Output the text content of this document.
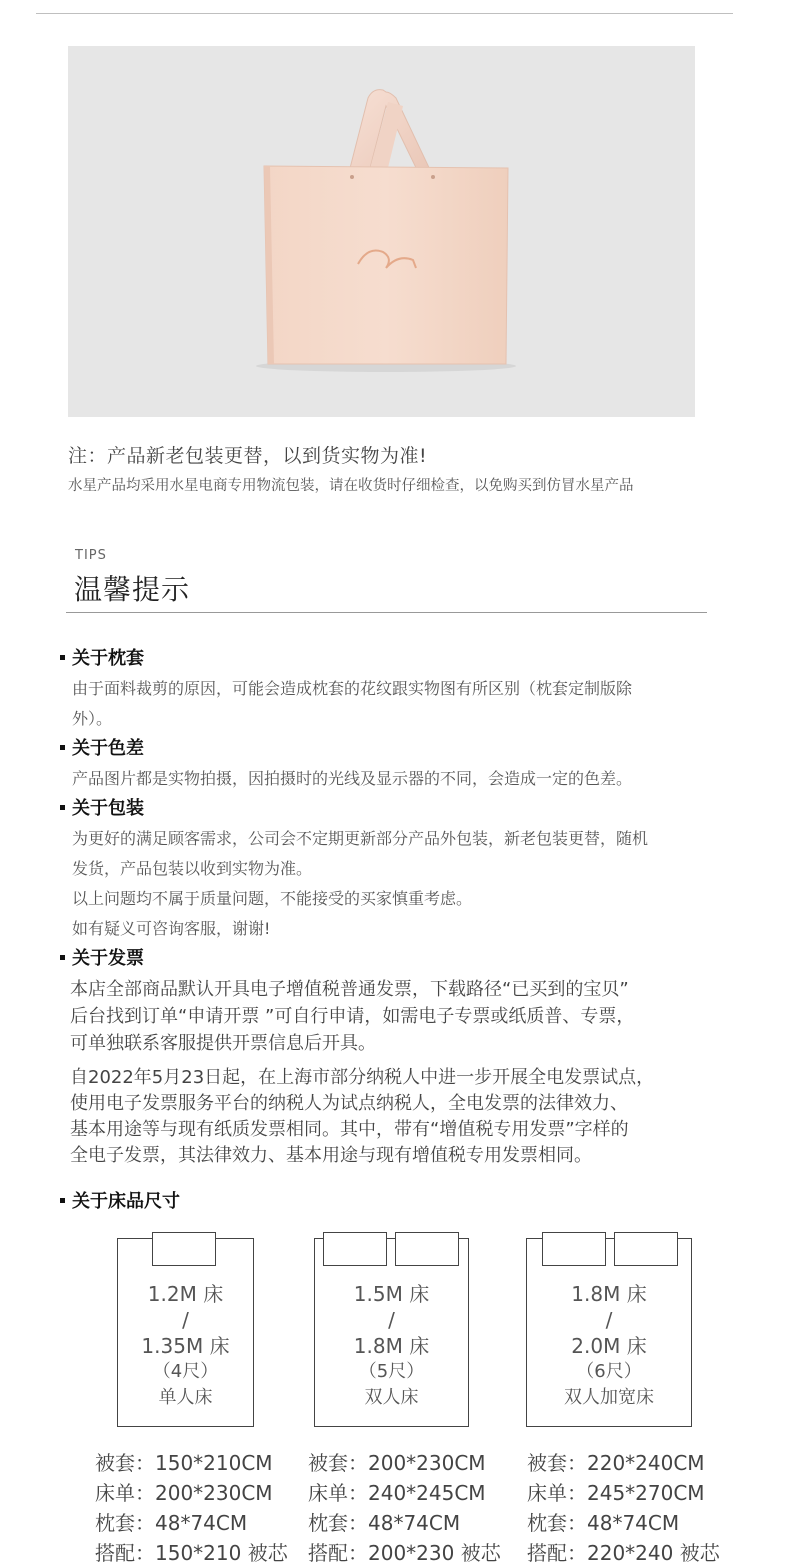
注：产品新老包装更替，以到货实物为准!
水星产品均采用水星电商专用物流包装，请在收货时仔细检查，以免购买到仿冒水星产品
TIPS
温馨提示
关于枕套
由于面料裁剪的原因，可能会造成枕套的花纹跟实物图有所区别（枕套定制版除
外）。
关于色差
产品图片都是实物拍摄，因拍摄时的光线及显示器的不同，会造成一定的色差。
关于包装
为更好的满足顾客需求，公司会不定期更新部分产品外包装，新老包装更替，随机
发货，产品包装以收到实物为准。
以上问题均不属于质量问题，不能接受的买家慎重考虑。
如有疑义可咨询客服，谢谢!
关于发票
本店全部商品默认开具电子增值税普通发票，下载路径“已买到的宝贝”
后台找到订单“申请开票 ”可自行申请，如需电子专票或纸质普、专票，
可单独联系客服提供开票信息后开具。
自2022年5月23日起，在上海市部分纳税人中进一步开展全电发票试点，
使用电子发票服务平台的纳税人为试点纳税人，全电发票的法律效力、
基本用途等与现有纸质发票相同。其中，带有“增值税专用发票”字样的
全电子发票，其法律效力、基本用途与现有增值税专用发票相同。
关于床品尺寸
1.2M 床
/
1.35M 床
（4尺）
单人床
1.5M 床
/
1.8M 床
（5尺）
双人床
1.8M 床
/
2.0M 床
（6尺）
双人加宽床
被套：150*210CM
床单：200*230CM
枕套：48*74CM
搭配：150*210 被芯
被套：200*230CM
床单：240*245CM
枕套：48*74CM
搭配：200*230 被芯
被套：220*240CM
床单：245*270CM
枕套：48*74CM
搭配：220*240 被芯
